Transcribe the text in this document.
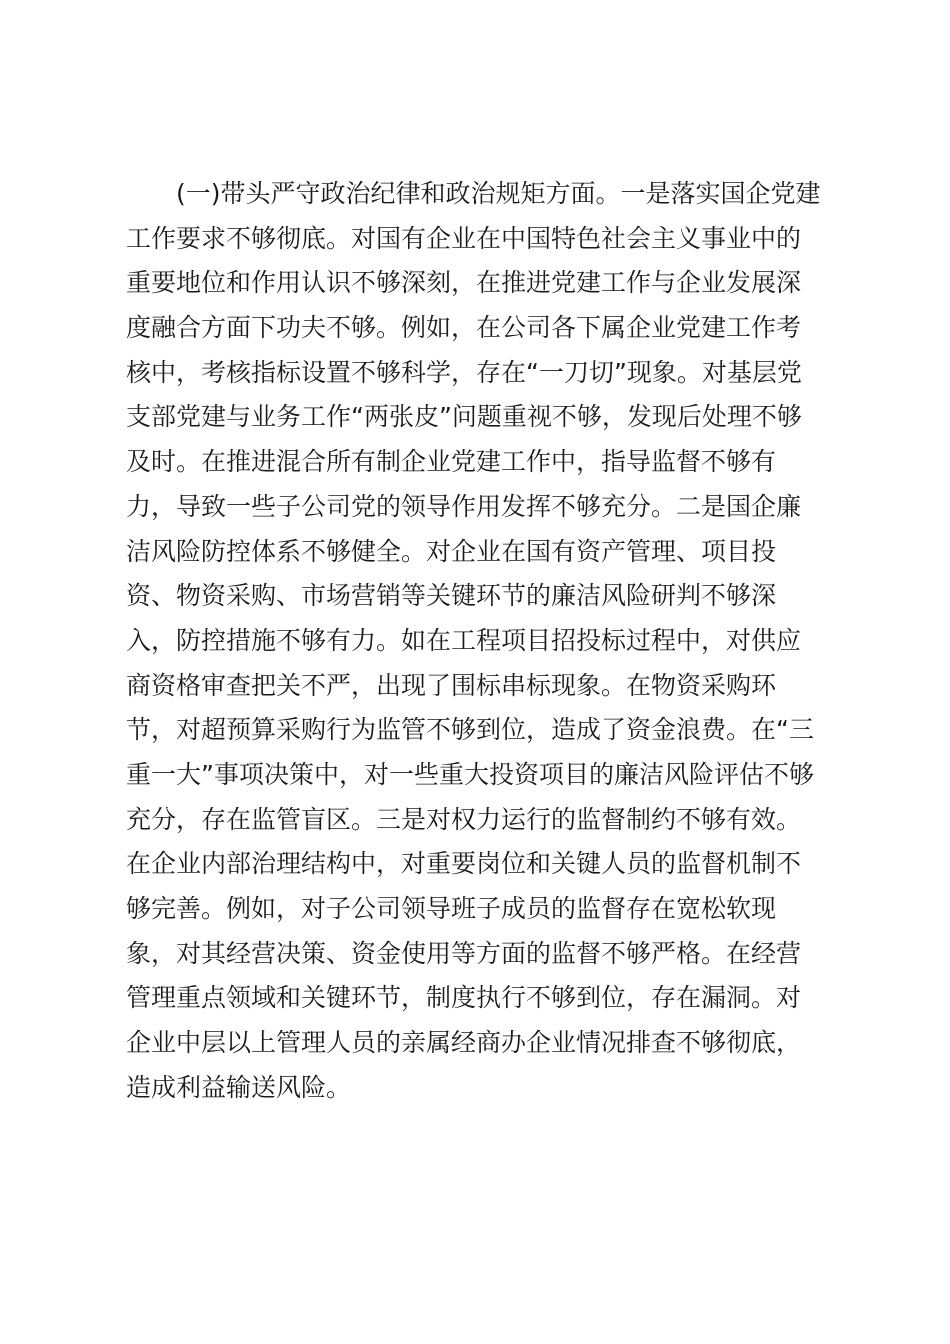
(一)带头严守政治纪律和政治规矩方面。一是落实国企党建
工作要求不够彻底。对国有企业在中国特色社会主义事业中的
重要地位和作用认识不够深刻，在推进党建工作与企业发展深
度融合方面下功夫不够。例如，在公司各下属企业党建工作考
核中，考核指标设置不够科学，存在“一刀切”现象。对基层党
支部党建与业务工作“两张皮”问题重视不够，发现后处理不够
及时。在推进混合所有制企业党建工作中，指导监督不够有
力，导致一些子公司党的领导作用发挥不够充分。二是国企廉
洁风险防控体系不够健全。对企业在国有资产管理、项目投
资、物资采购、市场营销等关键环节的廉洁风险研判不够深
入，防控措施不够有力。如在工程项目招投标过程中，对供应
商资格审查把关不严，出现了围标串标现象。在物资采购环
节，对超预算采购行为监管不够到位，造成了资金浪费。在“三
重一大”事项决策中，对一些重大投资项目的廉洁风险评估不够
充分，存在监管盲区。三是对权力运行的监督制约不够有效。
在企业内部治理结构中，对重要岗位和关键人员的监督机制不
够完善。例如，对子公司领导班子成员的监督存在宽松软现
象，对其经营决策、资金使用等方面的监督不够严格。在经营
管理重点领域和关键环节，制度执行不够到位，存在漏洞。对
企业中层以上管理人员的亲属经商办企业情况排查不够彻底，
造成利益输送风险。
